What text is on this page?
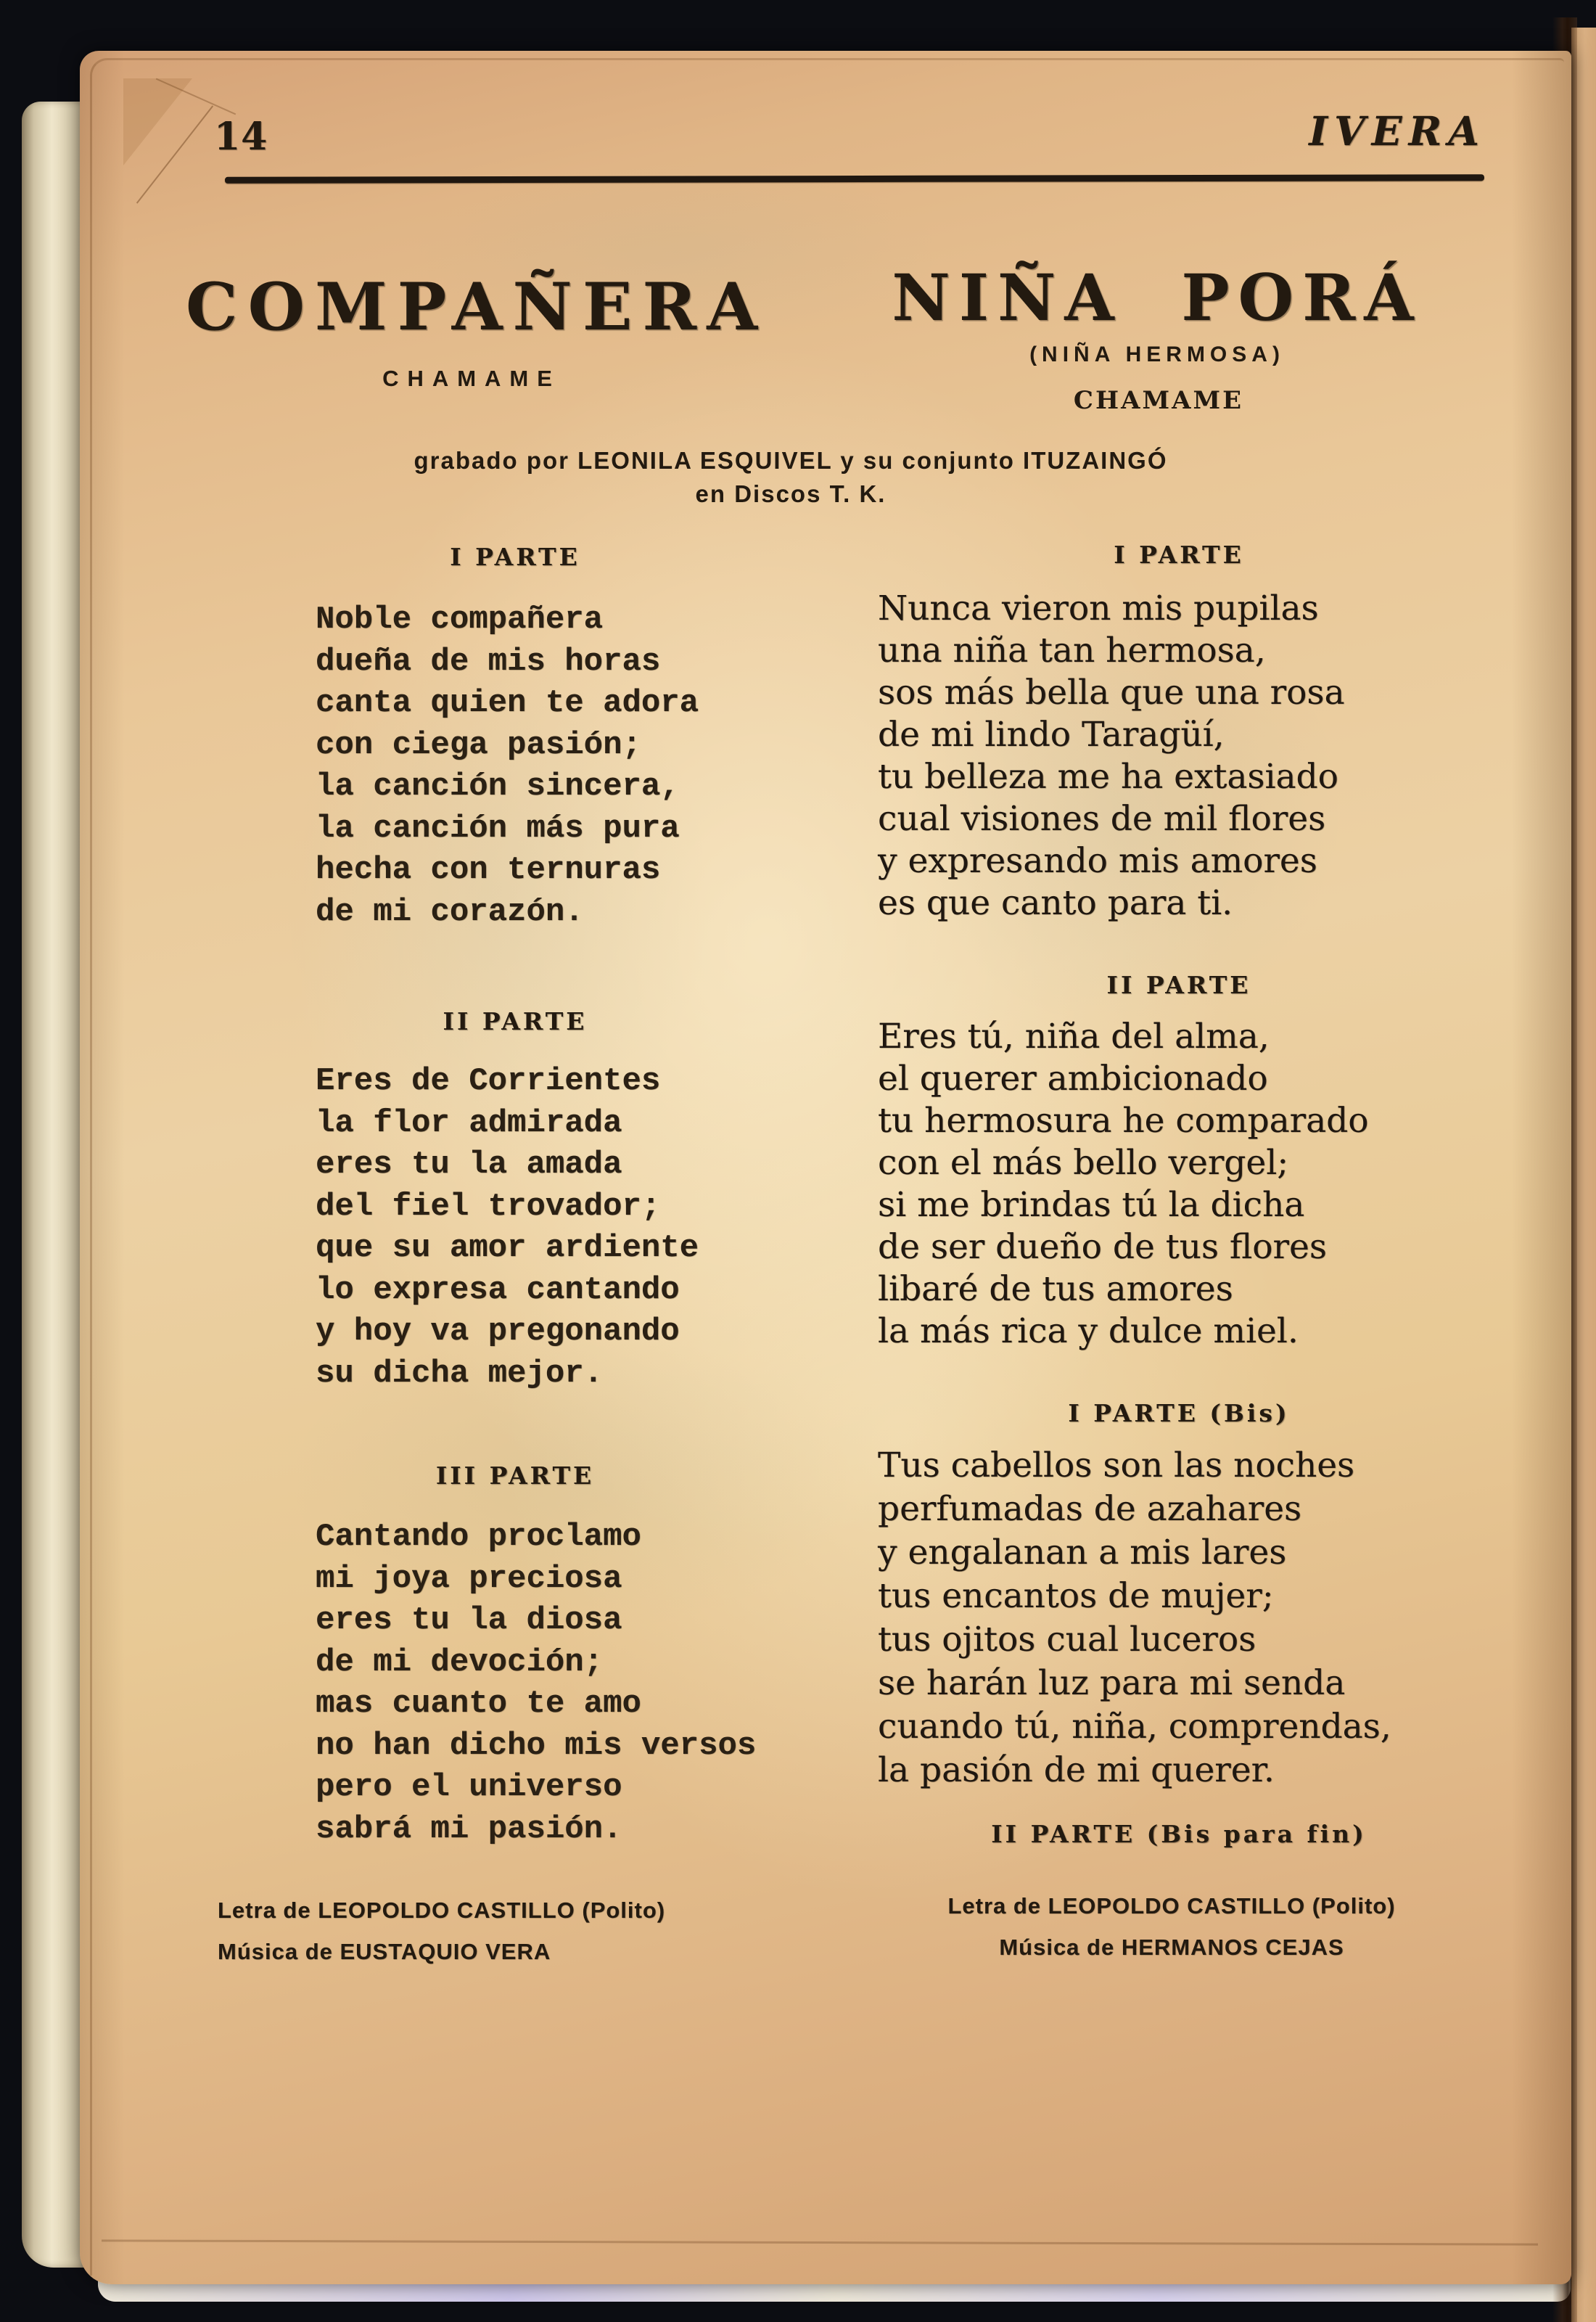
14	IVERA
COMPAÑERA	NIÑA PORÁ
(NIÑA HERMOSA)
CHAMAME
CHAMAME
grabado por LEONILA ESQUIVEL y su conjunto ITUZAINGÓ
en Discos T. K.
I PARTE
Noble compañera
dueña de mis horas
canta quien te adora
con ciega pasión;
la canción sincera,
la canción más pura
hecha con ternuras
de mi corazón.
II PARTE
Eres de Corrientes
la flor admirada
eres tu la amada
del fiel trovador;
que su amor ardiente
lo expresa cantando
y hoy va pregonando
su dicha mejor.
III PARTE
Cantando proclamo
mi joya preciosa
eres tu la diosa
de mi devoción;
mas cuanto te amo
no han dicho mis versos
pero el universo
sabrá mi pasión.
Letra de LEOPOLDO CASTILLO (Polito)
Música de EUSTAQUIO VERA
I PARTE
Nunca vieron mis pupilas
una niña tan hermosa,
sos más bella que una rosa
de mi lindo Taragüí,
tu belleza me ha extasiado
cual visiones de mil flores
y expresando mis amores
es que canto para ti.
II PARTE
Eres tú, niña del alma,
el querer ambicionado
tu hermosura he comparado
con el más bello vergel;
si me brindas tú la dicha
de ser dueño de tus flores
libaré de tus amores
la más rica y dulce miel.
I PARTE (Bis)
Tus cabellos son las noches
perfumadas de azahares
y engalanan a mis lares
tus encantos de mujer;
tus ojitos cual luceros
se harán luz para mi senda
cuando tú, niña, comprendas,
la pasión de mi querer.
II PARTE (Bis para fin)
Letra de LEOPOLDO CASTILLO (Polito)
Música de HERMANOS CEJAS
